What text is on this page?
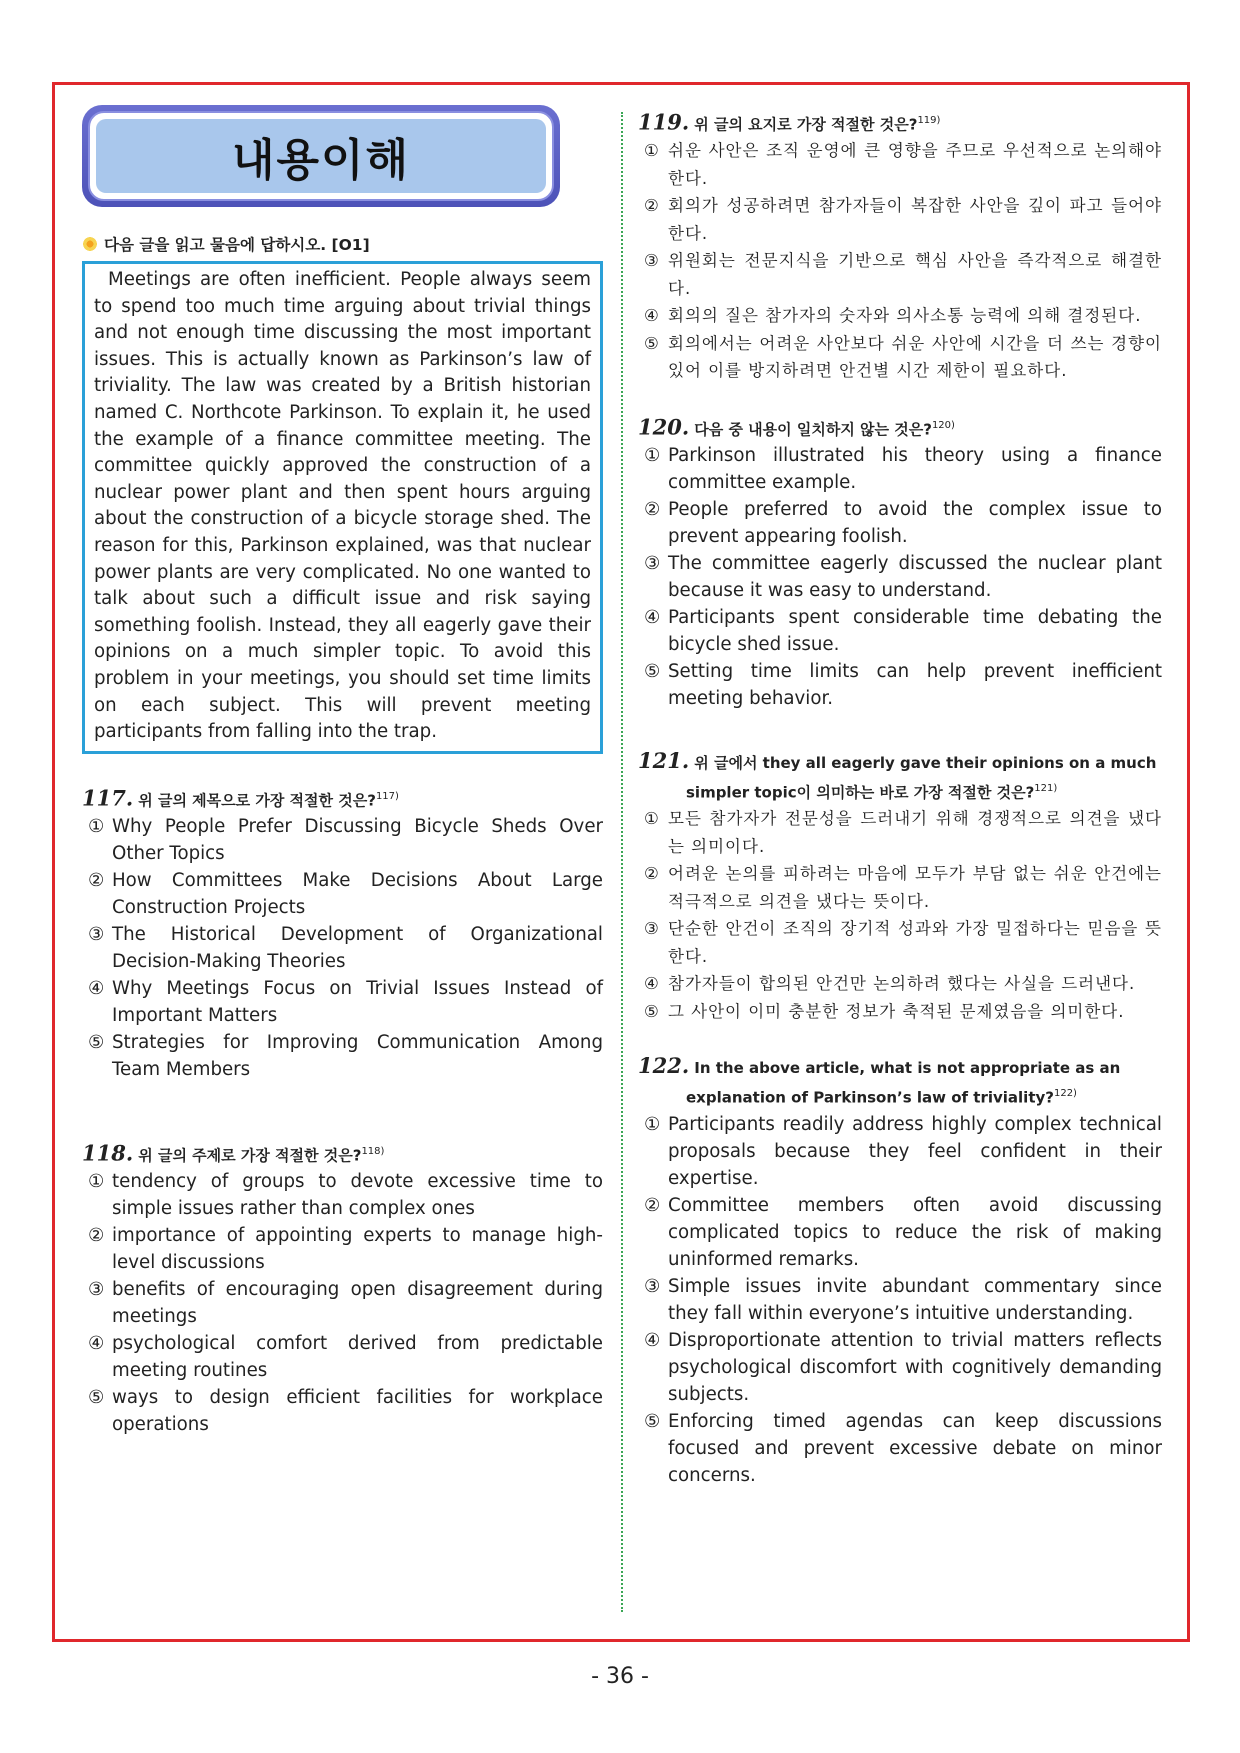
내용이해
다음 글을 읽고 물음에 답하시오. [O1]
Meetings are often inefficient. People always seem to spend too much time arguing about trivial things and not enough time discussing the most important issues. This is actually known as Parkinson’s law of triviality. The law was created by a British historian named C. Northcote Parkinson. To explain it, he used the example of a finance committee meeting. The committee quickly approved the construction of a nuclear power plant and then spent hours arguing about the construction of a bicycle storage shed. The reason for this, Parkinson explained, was that nuclear power plants are very complicated. No one wanted to talk about such a difficult issue and risk saying something foolish. Instead, they all eagerly gave their opinions on a much simpler topic. To avoid this problem in your meetings, you should set time limits on each subject. This will prevent meeting participants from falling into the trap.
117. 위 글의 제목으로 가장 적절한 것은?$^{117)}$
① Why People Prefer Discussing Bicycle Sheds Over Other Topics
② How Committees Make Decisions About Large Construction Projects
③ The Historical Development of Organizational Decision-Making Theories
④ Why Meetings Focus on Trivial Issues Instead of Important Matters
⑤ Strategies for Improving Communication Among Team Members
118. 위 글의 주제로 가장 적절한 것은?$^{118)}$
① tendency of groups to devote excessive time to simple issues rather than complex ones
② importance of appointing experts to manage high-level discussions
③ benefits of encouraging open disagreement during meetings
④ psychological comfort derived from predictable meeting routines
⑤ ways to design efficient facilities for workplace operations
119. 위 글의 요지로 가장 적절한 것은?$^{119)}$
① 쉬운 사안은 조직 운영에 큰 영향을 주므로 우선적으로 논의해야 한다.
② 회의가 성공하려면 참가자들이 복잡한 사안을 깊이 파고 들어야 한다.
③ 위원회는 전문지식을 기반으로 핵심 사안을 즉각적으로 해결한다.
④ 회의의 질은 참가자의 숫자와 의사소통 능력에 의해 결정된다.
⑤ 회의에서는 어려운 사안보다 쉬운 사안에 시간을 더 쓰는 경향이 있어 이를 방지하려면 안건별 시간 제한이 필요하다.
120. 다음 중 내용이 일치하지 않는 것은?$^{120)}$
① Parkinson illustrated his theory using a finance committee example.
② People preferred to avoid the complex issue to prevent appearing foolish.
③ The committee eagerly discussed the nuclear plant because it was easy to understand.
④ Participants spent considerable time debating the bicycle shed issue.
⑤ Setting time limits can help prevent inefficient meeting behavior.
121. 위 글에서 they all eagerly gave their opinions on a much simpler topic이 의미하는 바로 가장 적절한 것은?$^{121)}$
① 모든 참가자가 전문성을 드러내기 위해 경쟁적으로 의견을 냈다는 의미이다.
② 어려운 논의를 피하려는 마음에 모두가 부담 없는 쉬운 안건에는 적극적으로 의견을 냈다는 뜻이다.
③ 단순한 안건이 조직의 장기적 성과와 가장 밀접하다는 믿음을 뜻한다.
④ 참가자들이 합의된 안건만 논의하려 했다는 사실을 드러낸다.
⑤ 그 사안이 이미 충분한 정보가 축적된 문제였음을 의미한다.
122. In the above article, what is not appropriate as an explanation of Parkinson’s law of triviality?$^{122)}$
① Participants readily address highly complex technical proposals because they feel confident in their expertise.
② Committee members often avoid discussing complicated topics to reduce the risk of making uninformed remarks.
③ Simple issues invite abundant commentary since they fall within everyone’s intuitive understanding.
④ Disproportionate attention to trivial matters reflects psychological discomfort with cognitively demanding subjects.
⑤ Enforcing timed agendas can keep discussions focused and prevent excessive debate on minor concerns.
- 36 -
